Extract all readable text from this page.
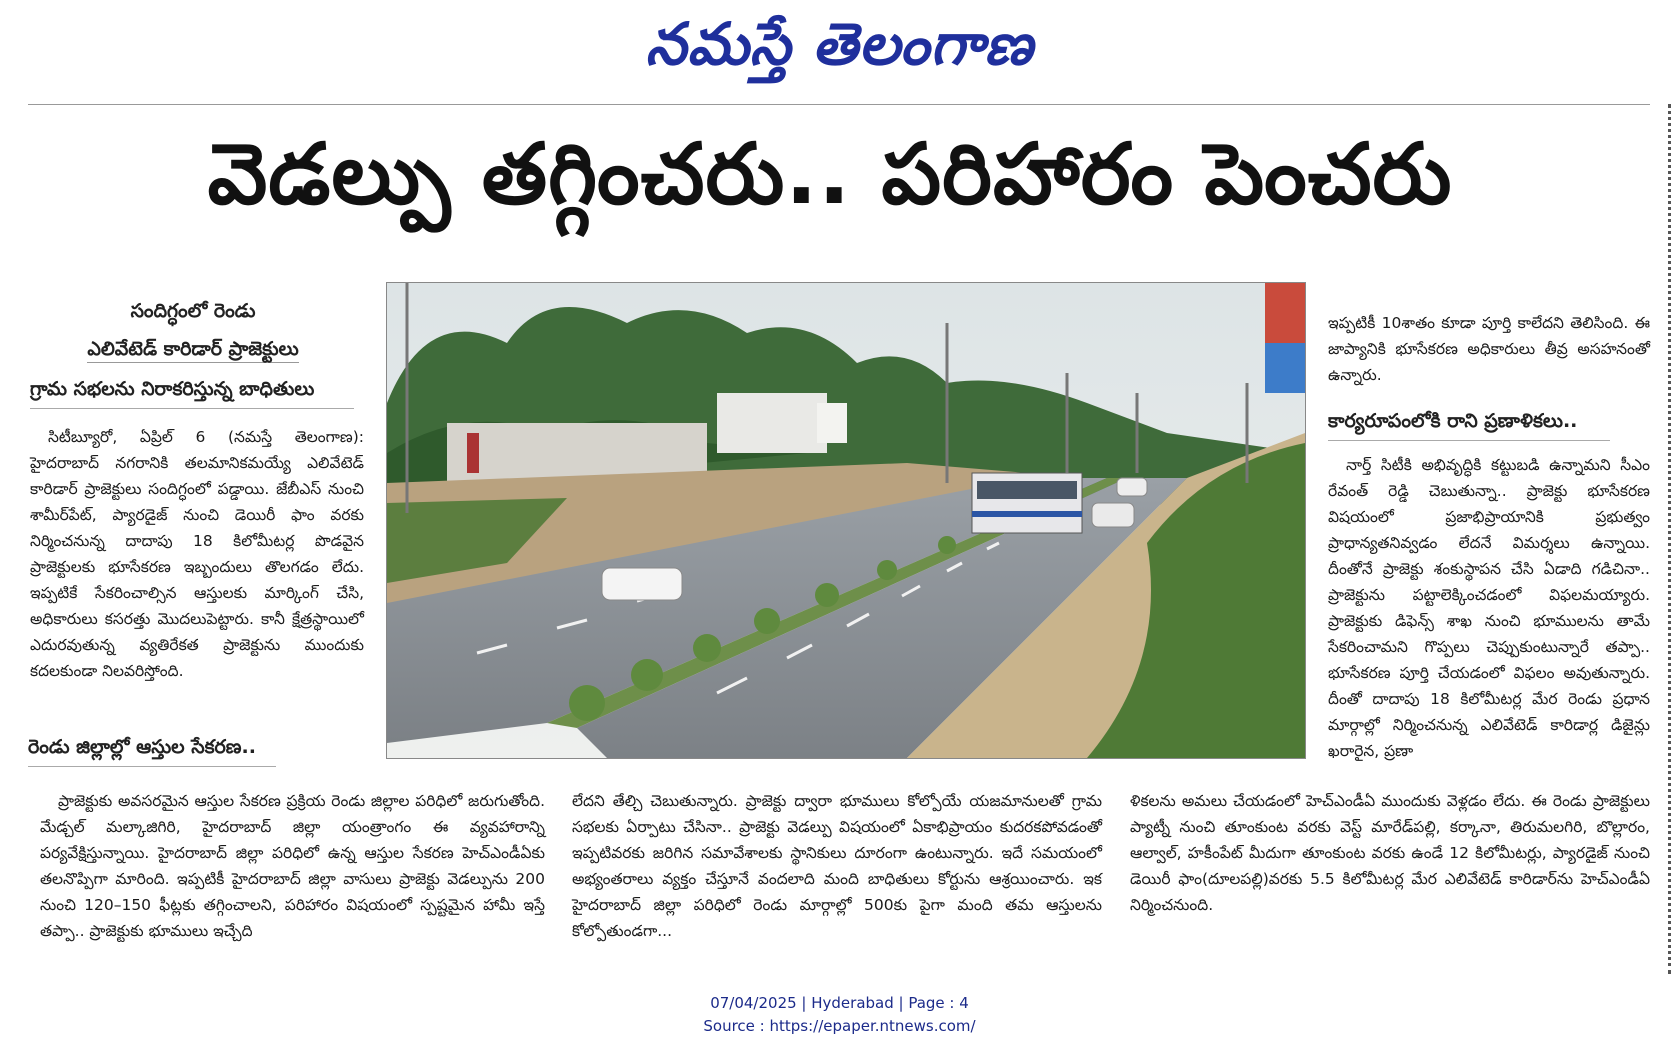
నమస్తే తెలంగాణ
వెడల్పు తగ్గించరు.. పరిహారం పెంచరు
సందిగ్ధంలో రెండు
ఎలివేటెడ్ కారిడార్ ప్రాజెక్టులు
గ్రామ సభలను నిరాకరిస్తున్న బాధితులు

సిటీబ్యూరో, ఏప్రిల్ 6 (నమస్తే తెలంగాణ): హైదరాబాద్ నగరానికి తలమానికమయ్యే ఎలివేటెడ్ కారిడార్ ప్రాజెక్టులు సందిగ్ధంలో పడ్డాయి. జేబీఎస్ నుంచి శామీర్‌పేట్, ప్యారడైజ్ నుంచి డెయిరీ ఫాం వరకు నిర్మించనున్న దాదాపు 18 కిలోమీటర్ల పొడవైన ప్రాజెక్టులకు భూసేకరణ ఇబ్బందులు తొలగడం లేదు. ఇప్పటికే సేకరించాల్సిన ఆస్తులకు మార్కింగ్ చేసి, అధికారులు కసరత్తు మొదలుపెట్టారు. కానీ క్షేత్రస్థాయిలో ఎదురవుతున్న వ్యతిరేకత ప్రాజెక్టును ముందుకు కదలకుండా నిలవరిస్తోంది.

రెండు జిల్లాల్లో ఆస్తుల సేకరణ..

ప్రాజెక్టుకు అవసరమైన ఆస్తుల సేకరణ ప్రక్రియ రెండు జిల్లాల పరిధిలో జరుగుతోంది. మేడ్చల్ మల్కాజిగిరి, హైదరాబాద్ జిల్లా యంత్రాంగం ఈ వ్యవహారాన్ని పర్యవేక్షిస్తున్నాయి. హైదరాబాద్ జిల్లా పరిధిలో ఉన్న ఆస్తుల సేకరణ హెచ్ఎండీఏకు తలనొప్పిగా మారింది. ఇప్పటికీ హైదరాబాద్ జిల్లా వాసులు ప్రాజెక్టు వెడల్పును 200 నుంచి 120–150 ఫీట్లకు తగ్గించాలని, పరిహారం విషయంలో స్పష్టమైన హామీ ఇస్తే తప్పా.. ప్రాజెక్టుకు భూములు ఇచ్చేది

లేదని తేల్చి చెబుతున్నారు. ప్రాజెక్టు ద్వారా భూములు కోల్పోయే యజమానులతో గ్రామ సభలకు ఏర్పాటు చేసినా.. ప్రాజెక్టు వెడల్పు విషయంలో ఏకాభిప్రాయం కుదరకపోవడంతో ఇప్పటివరకు జరిగిన సమావేశాలకు స్థానికులు దూరంగా ఉంటున్నారు. ఇదే సమయంలో అభ్యంతరాలు వ్యక్తం చేస్తూనే వందలాది మంది బాధితులు కోర్టును ఆశ్రయించారు. ఇక హైదరాబాద్ జిల్లా పరిధిలో రెండు మార్గాల్లో 500కు పైగా మంది తమ ఆస్తులను కోల్పోతుండగా...

ఇప్పటికీ 10శాతం కూడా పూర్తి కాలేదని తెలిసింది. ఈ జాప్యానికి భూసేకరణ అధికారులు తీవ్ర అసహనంతో ఉన్నారు.

కార్యరూపంలోకి రాని ప్రణాళికలు..

నార్త్ సిటీకి అభివృద్ధికి కట్టుబడి ఉన్నామని సీఎం రేవంత్ రెడ్డి చెబుతున్నా.. ప్రాజెక్టు భూసేకరణ విషయంలో ప్రజాభిప్రాయానికి ప్రభుత్వం ప్రాధాన్యతనివ్వడం లేదనే విమర్శలు ఉన్నాయి. దీంతోనే ప్రాజెక్టు శంకుస్థాపన చేసి ఏడాది గడిచినా.. ప్రాజెక్టును పట్టాలెక్కించడంలో విఫలమయ్యారు. ప్రాజెక్టుకు డిఫెన్స్ శాఖ నుంచి భూములను తామే సేకరించామని గొప్పలు చెప్పుకుంటున్నారే తప్పా.. భూసేకరణ పూర్తి చేయడంలో విఫలం అవుతున్నారు. దీంతో దాదాపు 18 కిలోమీటర్ల మేర రెండు ప్రధాన మార్గాల్లో నిర్మించనున్న ఎలివేటెడ్ కారిడార్ల డిజైన్లు ఖరారైన, ప్రణా

ళికలను అమలు చేయడంలో హెచ్ఎండీఏ ముందుకు వెళ్లడం లేదు. ఈ రెండు ప్రాజెక్టులు ప్యాట్నీ నుంచి తూంకుంట వరకు వెస్ట్ మారేడ్‌పల్లి, కర్కానా, తిరుమలగిరి, బొల్లారం, ఆల్వాల్, హకీంపేట్ మీదుగా తూంకుంట వరకు ఉండే 12 కిలోమీటర్లు, ప్యారడైజ్ నుంచి డెయిరీ ఫాం(దూలపల్లి)వరకు 5.5 కిలోమీటర్ల మేర ఎలివేటెడ్ కారిడార్‌ను హెచ్ఎండీఏ నిర్మించనుంది.

07/04/2025 | Hyderabad | Page : 4
Source : https://epaper.ntnews.com/
